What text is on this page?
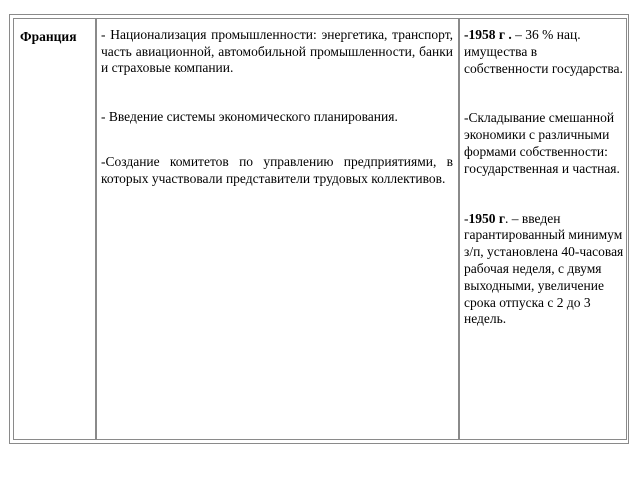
Франция - Национализация промышленности: энергетика, транспорт, часть авиационной, автомобильной промышленности, банки и страховые компании.

- Введение системы экономического планирования.

-Создание комитетов по управлению предприятиями, в которых участвовали представители трудовых коллективов.

-1958 г . – 36 % нац. имущества в собственности государства.

-Складывание смешанной экономики с различными формами собственности: государственная и частная.

-1950 г. – введен гарантированный минимум з/п, установлена 40-часовая рабочая неделя, с двумя выходными, увеличение срока отпуска с 2 до 3 недель.
